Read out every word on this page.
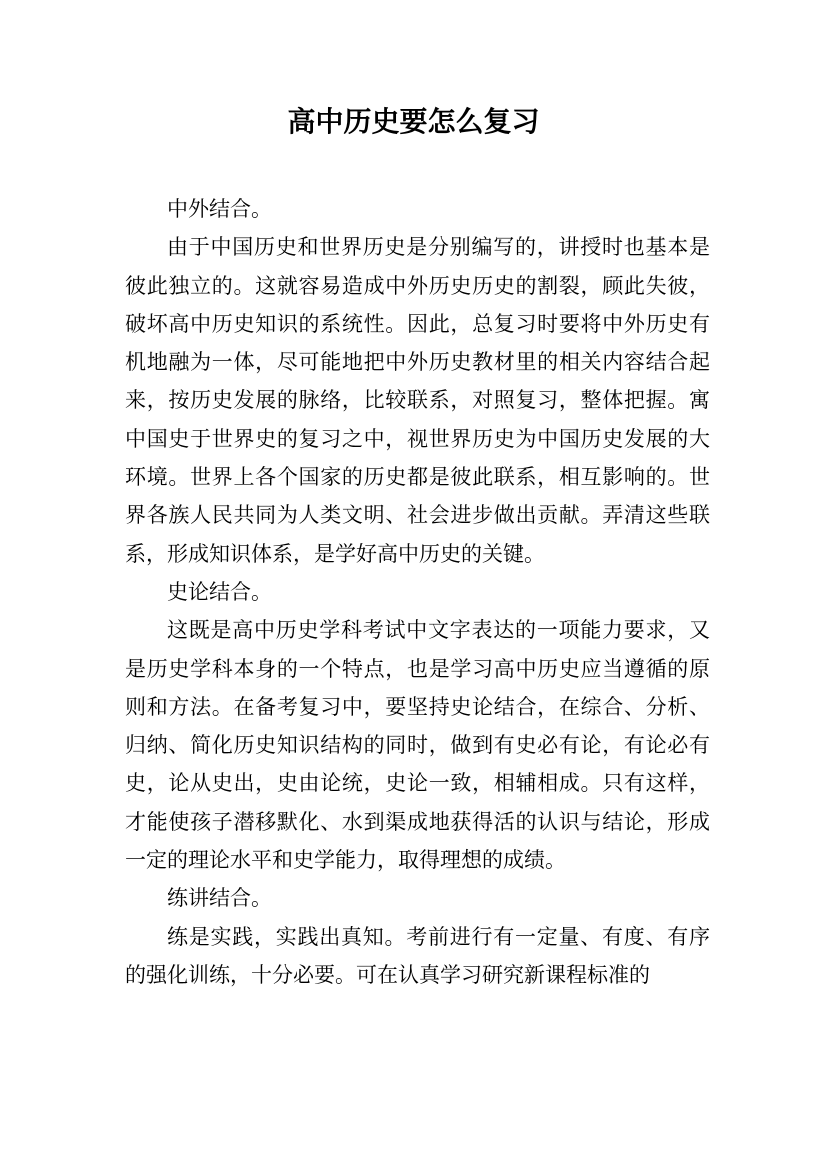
高中历史要怎么复习

中外结合。

由于中国历史和世界历史是分别编写的，讲授时也基本是彼此独立的。这就容易造成中外历史历史的割裂，顾此失彼，破坏高中历史知识的系统性。因此，总复习时要将中外历史有机地融为一体，尽可能地把中外历史教材里的相关内容结合起来，按历史发展的脉络，比较联系，对照复习，整体把握。寓中国史于世界史的复习之中，视世界历史为中国历史发展的大环境。世界上各个国家的历史都是彼此联系，相互影响的。世界各族人民共同为人类文明、社会进步做出贡献。弄清这些联系，形成知识体系，是学好高中历史的关键。

史论结合。

这既是高中历史学科考试中文字表达的一项能力要求，又是历史学科本身的一个特点，也是学习高中历史应当遵循的原则和方法。在备考复习中，要坚持史论结合，在综合、分析、归纳、简化历史知识结构的同时，做到有史必有论，有论必有史，论从史出，史由论统，史论一致，相辅相成。只有这样，才能使孩子潜移默化、水到渠成地获得活的认识与结论，形成一定的理论水平和史学能力，取得理想的成绩。

练讲结合。

练是实践，实践出真知。考前进行有一定量、有度、有序的强化训练，十分必要。可在认真学习研究新课程标准的
